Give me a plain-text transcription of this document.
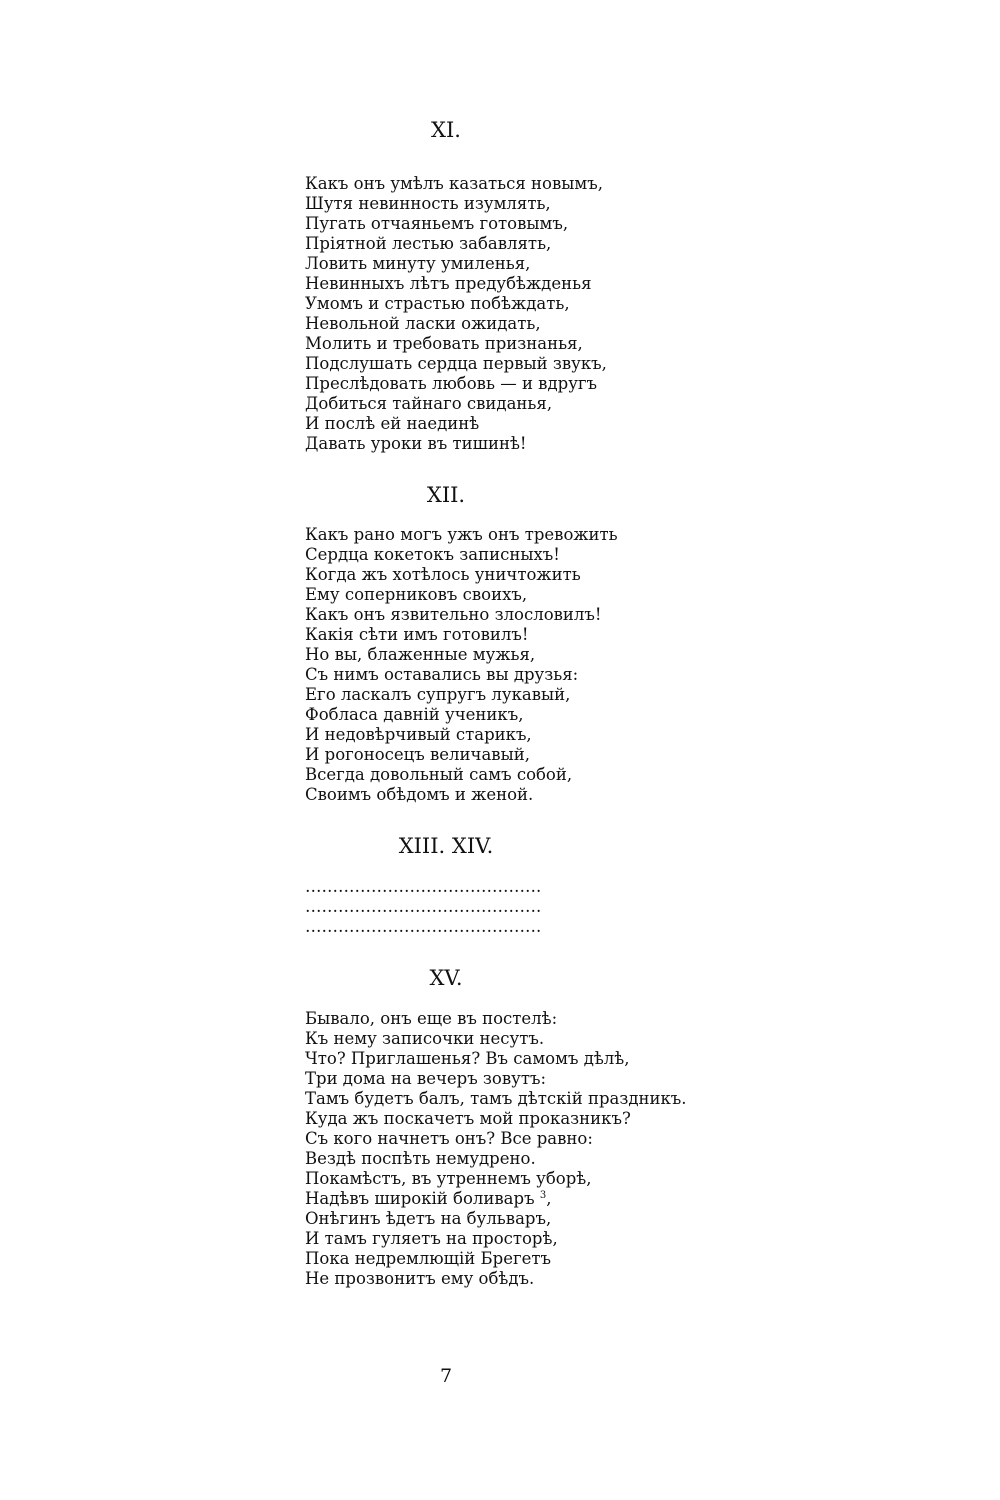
XI.
Какъ онъ умѣлъ казаться новымъ,
Шутя невинность изумлять,
Пугать отчаяньемъ готовымъ,
Пріятной лестью забавлять,
Ловить минуту умиленья,
Невинныхъ лѣтъ предубѣжденья
Умомъ и страстью побѣждать,
Невольной ласки ожидать,
Молить и требовать признанья,
Подслушать сердца первый звукъ,
Преслѣдовать любовь — и вдругъ
Добиться тайнаго свиданья,
И послѣ ей наединѣ
Давать уроки въ тишинѣ!
XII.
Какъ рано могъ ужъ онъ тревожить
Сердца кокетокъ записныхъ!
Когда жъ хотѣлось уничтожить
Ему соперниковъ своихъ,
Какъ онъ язвительно злословилъ!
Какія сѣти имъ готовилъ!
Но вы, блаженные мужья,
Съ нимъ оставались вы друзья:
Его ласкалъ супругъ лукавый,
Фобласа давній ученикъ,
И недовѣрчивый старикъ,
И рогоносецъ величавый,
Всегда довольный самъ собой,
Своимъ обѣдомъ и женой.
XIII. XIV.
…………………………………….
…………………………………….
…………………………………….
XV.
Бывало, онъ еще въ постелѣ:
Къ нему записочки несутъ.
Что? Приглашенья? Въ самомъ дѣлѣ,
Три дома на вечеръ зовутъ:
Тамъ будетъ балъ, тамъ дѣтскій праздникъ.
Куда жъ поскачетъ мой проказникъ?
Съ кого начнетъ онъ? Все равно:
Вездѣ поспѣть немудрено.
Покамѣстъ, въ утреннемъ уборѣ,
Надѣвъ широкій боливаръ $^3$,
Онѣгинъ ѣдетъ на бульваръ,
И тамъ гуляетъ на просторѣ,
Пока недремлющій Брегетъ
Не прозвонитъ ему обѣдъ.
7
